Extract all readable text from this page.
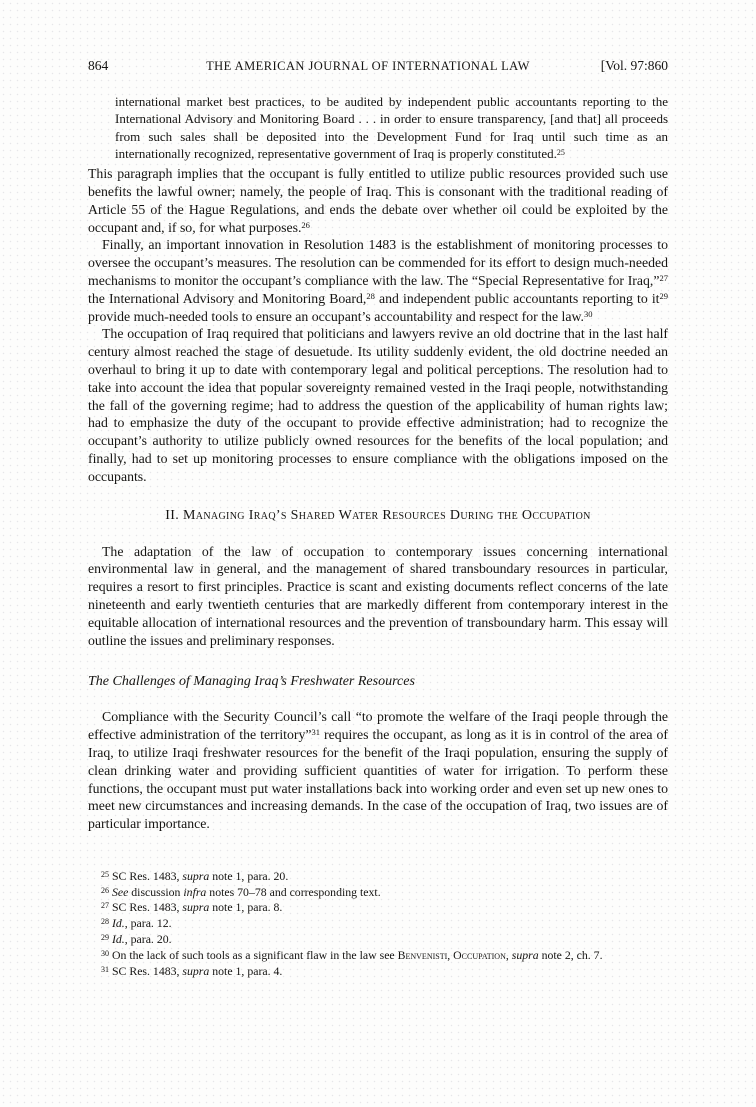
864	THE AMERICAN JOURNAL OF INTERNATIONAL LAW	[Vol. 97:860
international market best practices, to be audited by independent public accountants reporting to the International Advisory and Monitoring Board . . . in order to ensure transparency, [and that] all proceeds from such sales shall be deposited into the Development Fund for Iraq until such time as an internationally recognized, representative government of Iraq is properly constituted.$^{25}$

This paragraph implies that the occupant is fully entitled to utilize public resources provided such use benefits the lawful owner; namely, the people of Iraq. This is consonant with the traditional reading of Article 55 of the Hague Regulations, and ends the debate over whether oil could be exploited by the occupant and, if so, for what purposes.$^{26}$

Finally, an important innovation in Resolution 1483 is the establishment of monitoring processes to oversee the occupant’s measures. The resolution can be commended for its effort to design much-needed mechanisms to monitor the occupant’s compliance with the law. The “Special Representative for Iraq,”$^{27}$ the International Advisory and Monitoring Board,$^{28}$ and independent public accountants reporting to $it^{29}$ provide much-needed tools to ensure an occupant’s accountability and respect for the law.$^{30}$

The occupation of Iraq required that politicians and lawyers revive an old doctrine that in the last half century almost reached the stage of desuetude. Its utility suddenly evident, the old doctrine needed an overhaul to bring it up to date with contemporary legal and political perceptions. The resolution had to take into account the idea that popular sovereignty remained vested in the Iraqi people, notwithstanding the fall of the governing regime; had to address the question of the applicability of human rights law; had to emphasize the duty of the occupant to provide effective administration; had to recognize the occupant’s authority to utilize publicly owned resources for the benefits of the local population; and finally, had to set up monitoring processes to ensure compliance with the obligations imposed on the occupants.

II. Managing Iraq’s Shared Water Resources During the Occupation

The adaptation of the law of occupation to contemporary issues concerning international environmental law in general, and the management of shared transboundary resources in particular, requires a resort to first principles. Practice is scant and existing documents reflect concerns of the late nineteenth and early twentieth centuries that are markedly different from contemporary interest in the equitable allocation of international resources and the prevention of transboundary harm. This essay will outline the issues and preliminary responses.

The Challenges of Managing Iraq’s Freshwater Resources

Compliance with the Security Council’s call “to promote the welfare of the Iraqi people through the effective administration of the territory”$^{31}$ requires the occupant, as long as it is in control of the area of Iraq, to utilize Iraqi freshwater resources for the benefit of the Iraqi population, ensuring the supply of clean drinking water and providing sufficient quantities of water for irrigation. To perform these functions, the occupant must put water installations back into working order and even set up new ones to meet new circumstances and increasing demands. In the case of the occupation of Iraq, two issues are of particular importance.

$^{25}$ SC Res. 1483, supra note 1, para. 20.

$^{26}$ See discussion infra notes 70–78 and corresponding text.

$^{27}$ SC Res. 1483, supra note 1, para. 8.

$^{28}$ Id., para. 12.

$^{29}$ Id., para. 20.

$^{30}$ On the lack of such tools as a significant flaw in the law see Benvenisti, Occupation, supra note 2, ch. 7.

$^{31}$ SC Res. 1483, supra note 1, para. 4.
